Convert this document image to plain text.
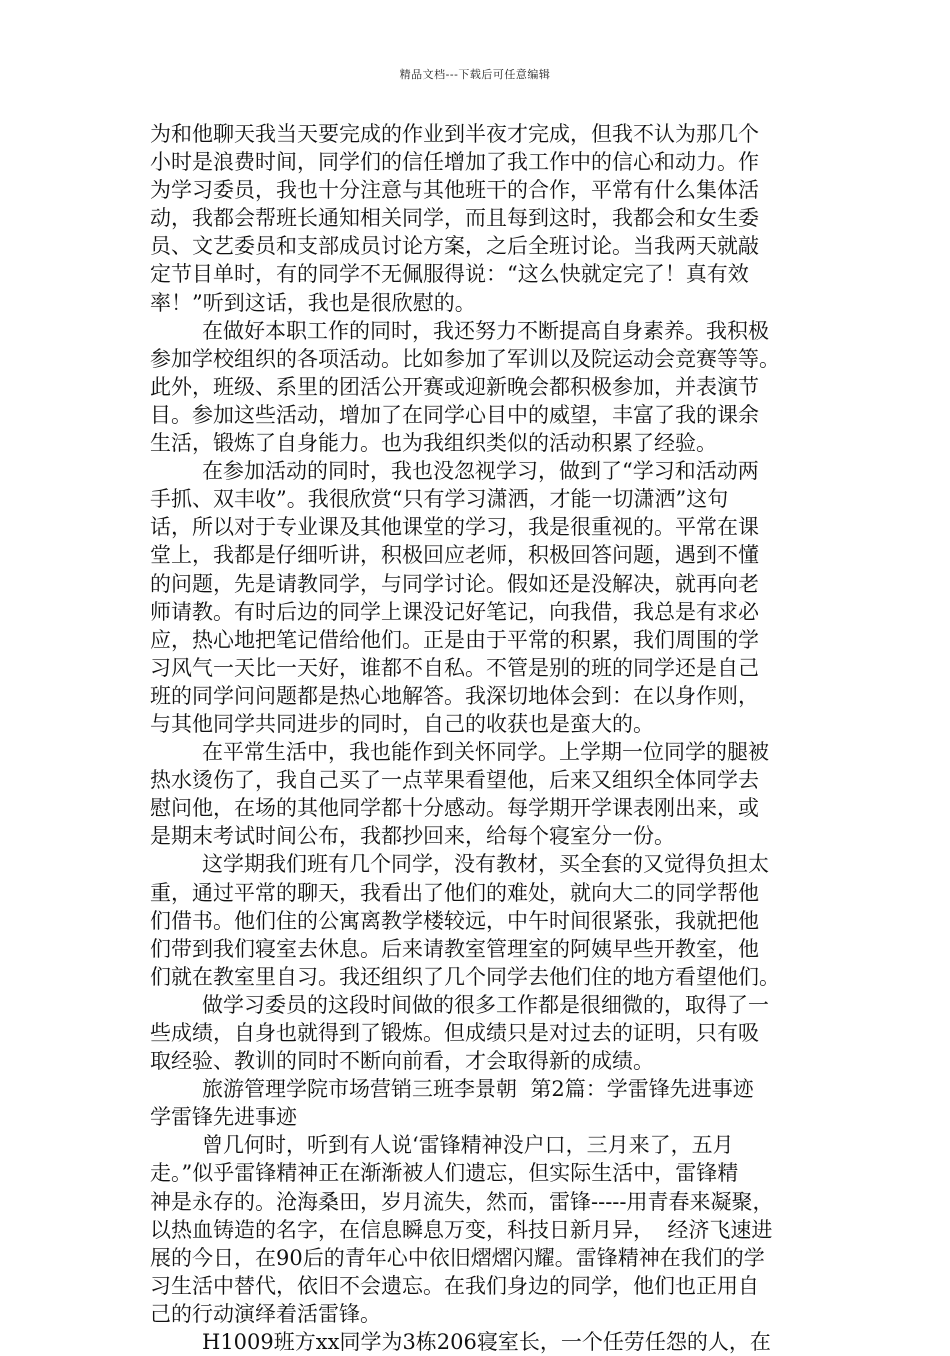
精品文档---下载后可任意编辑
为和他聊天我当天要完成的作业到半夜才完成，但我不认为那几个
小时是浪费时间，同学们的信任增加了我工作中的信心和动力。作
为学习委员，我也十分注意与其他班干的合作，平常有什么集体活
动，我都会帮班长通知相关同学，而且每到这时，我都会和女生委
员、文艺委员和支部成员讨论方案，之后全班讨论。当我两天就敲
定节目单时，有的同学不无佩服得说：“这么快就定完了！真有效
率！”听到这话，我也是很欣慰的。
在做好本职工作的同时，我还努力不断提高自身素养。我积极
参加学校组织的各项活动。比如参加了军训以及院运动会竞赛等等。
此外，班级、系里的团活公开赛或迎新晚会都积极参加，并表演节
目。参加这些活动，增加了在同学心目中的威望，丰富了我的课余
生活，锻炼了自身能力。也为我组织类似的活动积累了经验。
在参加活动的同时，我也没忽视学习，做到了“学习和活动两
手抓、双丰收”。我很欣赏“只有学习潇洒，才能一切潇洒”这句
话，所以对于专业课及其他课堂的学习，我是很重视的。平常在课
堂上，我都是仔细听讲，积极回应老师，积极回答问题，遇到不懂
的问题，先是请教同学，与同学讨论。假如还是没解决，就再向老
师请教。有时后边的同学上课没记好笔记，向我借，我总是有求必
应，热心地把笔记借给他们。正是由于平常的积累，我们周围的学
习风气一天比一天好，谁都不自私。不管是别的班的同学还是自己
班的同学问问题都是热心地解答。我深切地体会到：在以身作则，
与其他同学共同进步的同时，自己的收获也是蛮大的。
在平常生活中，我也能作到关怀同学。上学期一位同学的腿被
热水烫伤了，我自己买了一点苹果看望他，后来又组织全体同学去
慰问他，在场的其他同学都十分感动。每学期开学课表刚出来，或
是期末考试时间公布，我都抄回来，给每个寝室分一份。
这学期我们班有几个同学，没有教材，买全套的又觉得负担太
重，通过平常的聊天，我看出了他们的难处，就向大二的同学帮他
们借书。他们住的公寓离教学楼较远，中午时间很紧张，我就把他
们带到我们寝室去休息。后来请教室管理室的阿姨早些开教室，他
们就在教室里自习。我还组织了几个同学去他们住的地方看望他们。
做学习委员的这段时间做的很多工作都是很细微的，取得了一
些成绩，自身也就得到了锻炼。但成绩只是对过去的证明，只有吸
取经验、教训的同时不断向前看，才会取得新的成绩。
旅游管理学院市场营销三班李景朝  第2篇：学雷锋先进事迹
学雷锋先进事迹
曾几何时，听到有人说‘雷锋精神没户口，三月来了，五月
走。”似乎雷锋精神正在渐渐被人们遗忘，但实际生活中，雷锋精
神是永存的。沧海桑田，岁月流失，然而，雷锋-----用青春来凝聚，
以热血铸造的名字，在信息瞬息万变，科技日新月异，  经济飞速进
展的今日，在90后的青年心中依旧熠熠闪耀。雷锋精神在我们的学
习生活中替代，依旧不会遗忘。在我们身边的同学，他们也正用自
己的行动演绎着活雷锋。
H1009班方xx同学为3栋206寝室长，一个任劳任怨的人，在
